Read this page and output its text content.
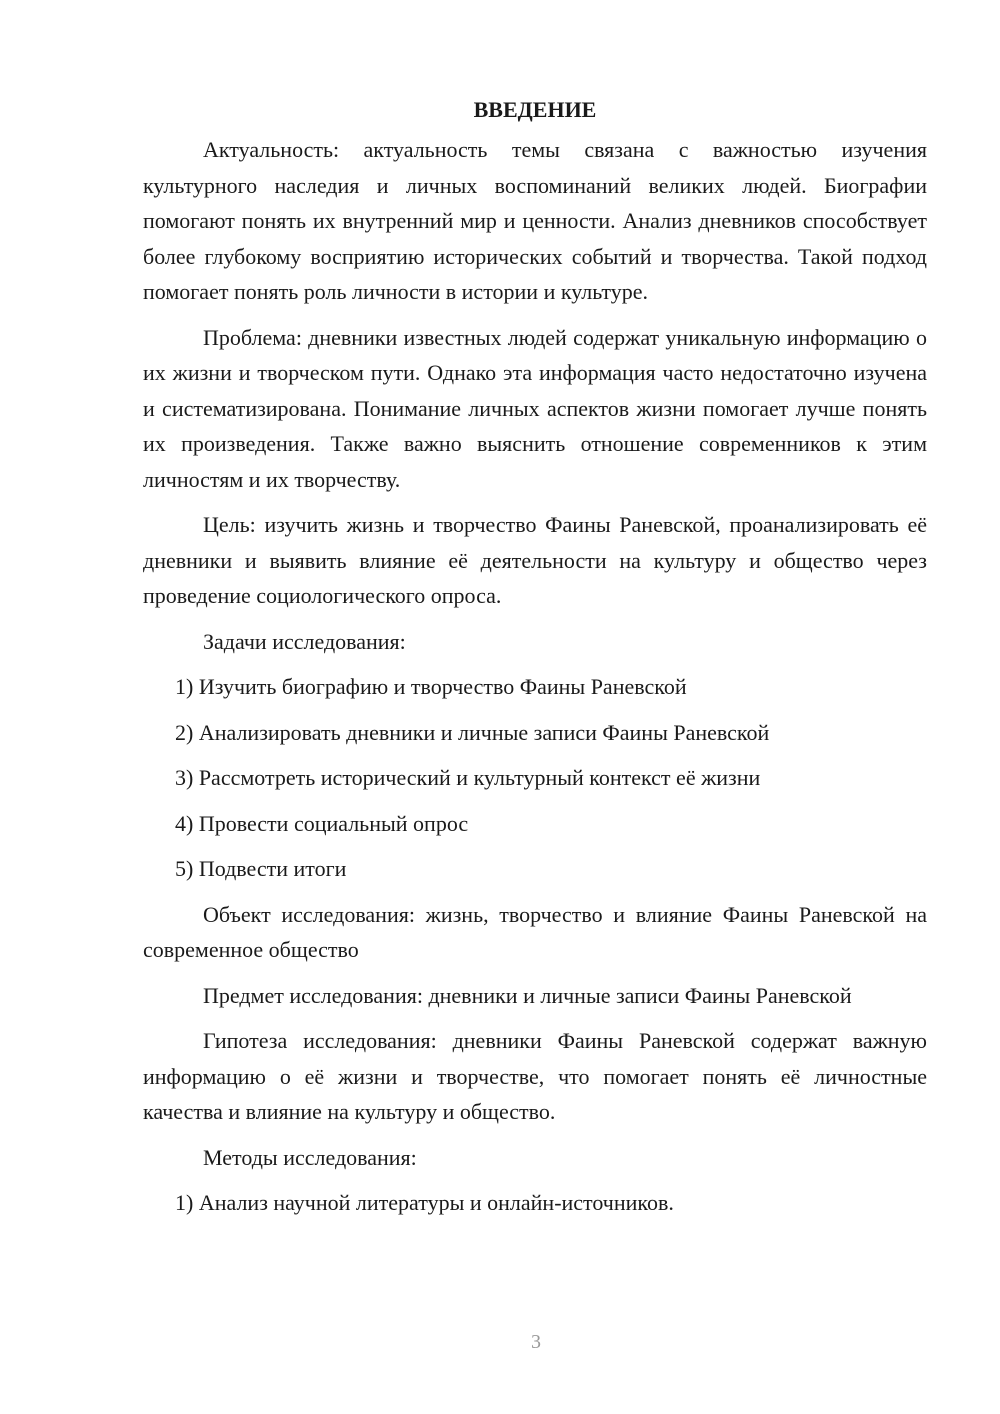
ВВЕДЕНИЕ

Актуальность: актуальность темы связана с важностью изучения культурного наследия и личных воспоминаний великих людей. Биографии помогают понять их внутренний мир и ценности. Анализ дневников способствует более глубокому восприятию исторических событий и творчества. Такой подход помогает понять роль личности в истории и культуре.

Проблема: дневники известных людей содержат уникальную информацию о их жизни и творческом пути. Однако эта информация часто недостаточно изучена и систематизирована. Понимание личных аспектов жизни помогает лучше понять их произведения. Также важно выяснить отношение современников к этим личностям и их творчеству.

Цель: изучить жизнь и творчество Фаины Раневской, проанализировать её дневники и выявить влияние её деятельности на культуру и общество через проведение социологического опроса.

Задачи исследования:

1) Изучить биографию и творчество Фаины Раневской

2) Анализировать дневники и личные записи Фаины Раневской

3) Рассмотреть исторический и культурный контекст её жизни

4) Провести социальный опрос

5) Подвести итоги

Объект исследования: жизнь, творчество и влияние Фаины Раневской на современное общество

Предмет исследования: дневники и личные записи Фаины Раневской

Гипотеза исследования: дневники Фаины Раневской содержат важную информацию о её жизни и творчестве, что помогает понять её личностные качества и влияние на культуру и общество.

Методы исследования:

1) Анализ научной литературы и онлайн-источников.

3
